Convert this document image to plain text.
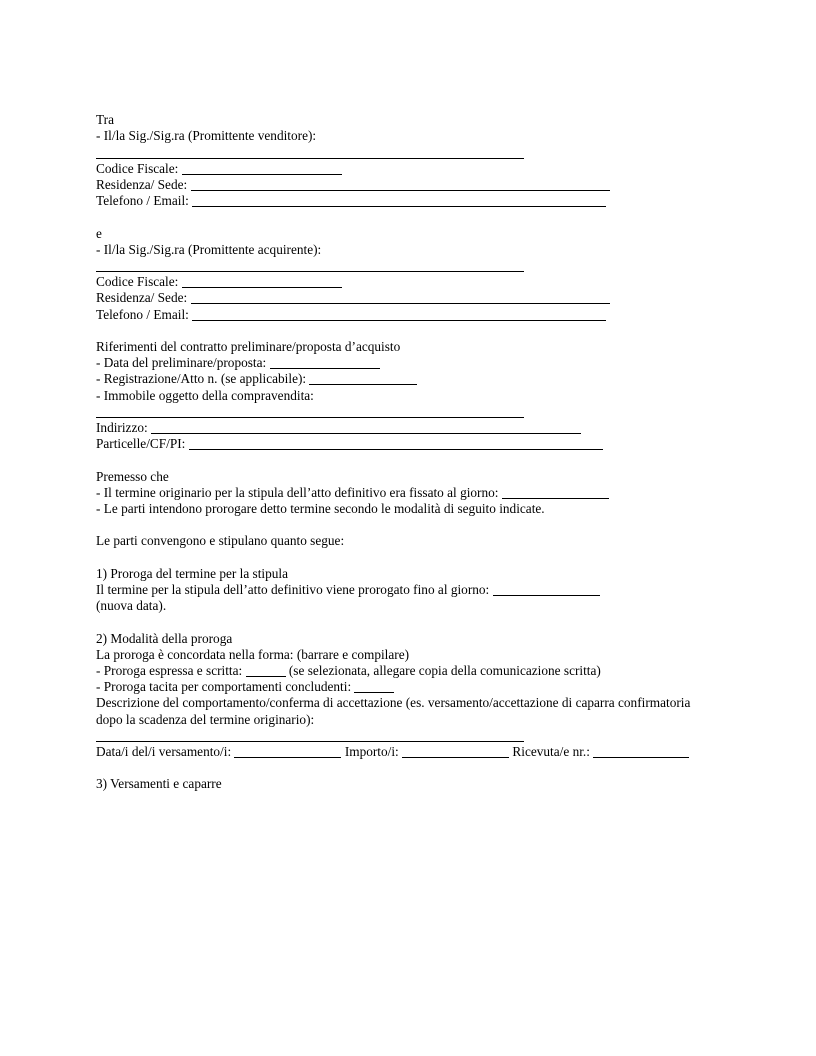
Tra

- Il/la Sig./Sig.ra (Promittente venditore):

Codice Fiscale:

Residenza/ Sede:

Telefono / Email:

e

- Il/la Sig./Sig.ra (Promittente acquirente):

Codice Fiscale:

Residenza/ Sede:

Telefono / Email:

Riferimenti del contratto preliminare/proposta d’acquisto

- Data del preliminare/proposta:

- Registrazione/Atto n. (se applicabile):

- Immobile oggetto della compravendita:

Indirizzo:

Particelle/CF/PI:

Premesso che

- Il termine originario per la stipula dell’atto definitivo era fissato al giorno:

- Le parti intendono prorogare detto termine secondo le modalità di seguito indicate.

Le parti convengono e stipulano quanto segue:

1) Proroga del termine per la stipula

Il termine per la stipula dell’atto definitivo viene prorogato fino al giorno:

(nuova data).

2) Modalità della proroga

La proroga è concordata nella forma: (barrare e compilare)

- Proroga espressa e scritta:	(se selezionata, allegare copia della comunicazione scritta)

- Proroga tacita per comportamenti concludenti:

Descrizione del comportamento/conferma di accettazione (es. versamento/accettazione di caparra confirmatoria dopo la scadenza del termine originario):

Data/i del/i versamento/i:	Importo/i:	Ricevuta/e nr.:

3) Versamenti e caparre
